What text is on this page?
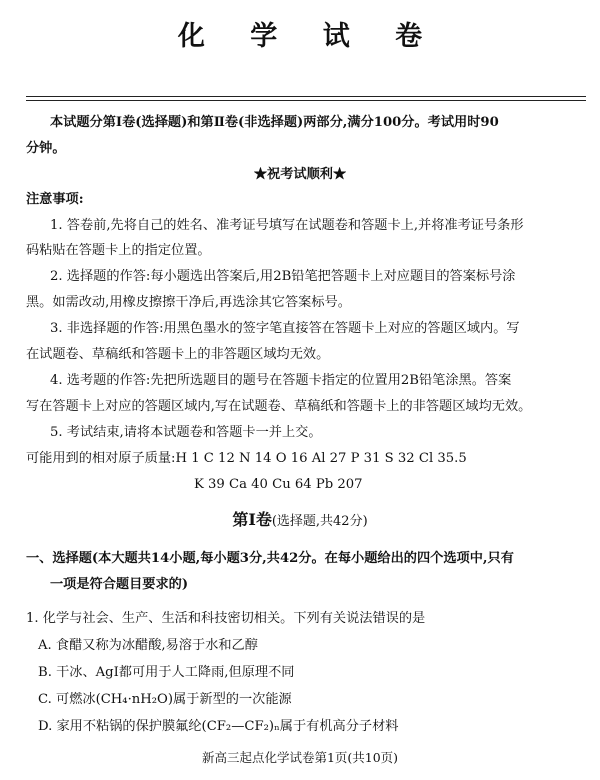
化 学 试 卷
本试题分第Ⅰ卷(选择题)和第Ⅱ卷(非选择题)两部分,满分100分。考试用时90
分钟。
★祝考试顺利★
注意事项:
1. 答卷前,先将自己的姓名、准考证号填写在试题卷和答题卡上,并将准考证号条形
码粘贴在答题卡上的指定位置。
2. 选择题的作答:每小题选出答案后,用2B铅笔把答题卡上对应题目的答案标号涂
黑。如需改动,用橡皮擦擦干净后,再选涂其它答案标号。
3. 非选择题的作答:用黑色墨水的签字笔直接答在答题卡上对应的答题区域内。写
在试题卷、草稿纸和答题卡上的非答题区域均无效。
4. 选考题的作答:先把所选题目的题号在答题卡指定的位置用2B铅笔涂黑。答案
写在答题卡上对应的答题区域内,写在试题卷、草稿纸和答题卡上的非答题区域均无效。
5. 考试结束,请将本试题卷和答题卡一并上交。
可能用到的相对原子质量:H 1 C 12 N 14 O 16 Al 27 P 31 S 32 Cl 35.5
K 39 Ca 40 Cu 64 Pb 207
第Ⅰ卷(选择题,共42分)
一、选择题(本大题共14小题,每小题3分,共42分。在每小题给出的四个选项中,只有
一项是符合题目要求的)
1. 化学与社会、生产、生活和科技密切相关。下列有关说法错误的是
A. 食醋又称为冰醋酸,易溶于水和乙醇
B. 干冰、AgI都可用于人工降雨,但原理不同
C. 可燃冰(CH₄·nH₂O)属于新型的一次能源
D. 家用不粘锅的保护膜氟纶(CF₂—CF₂)ₙ属于有机高分子材料
新高三起点化学试卷第1页(共10页)
